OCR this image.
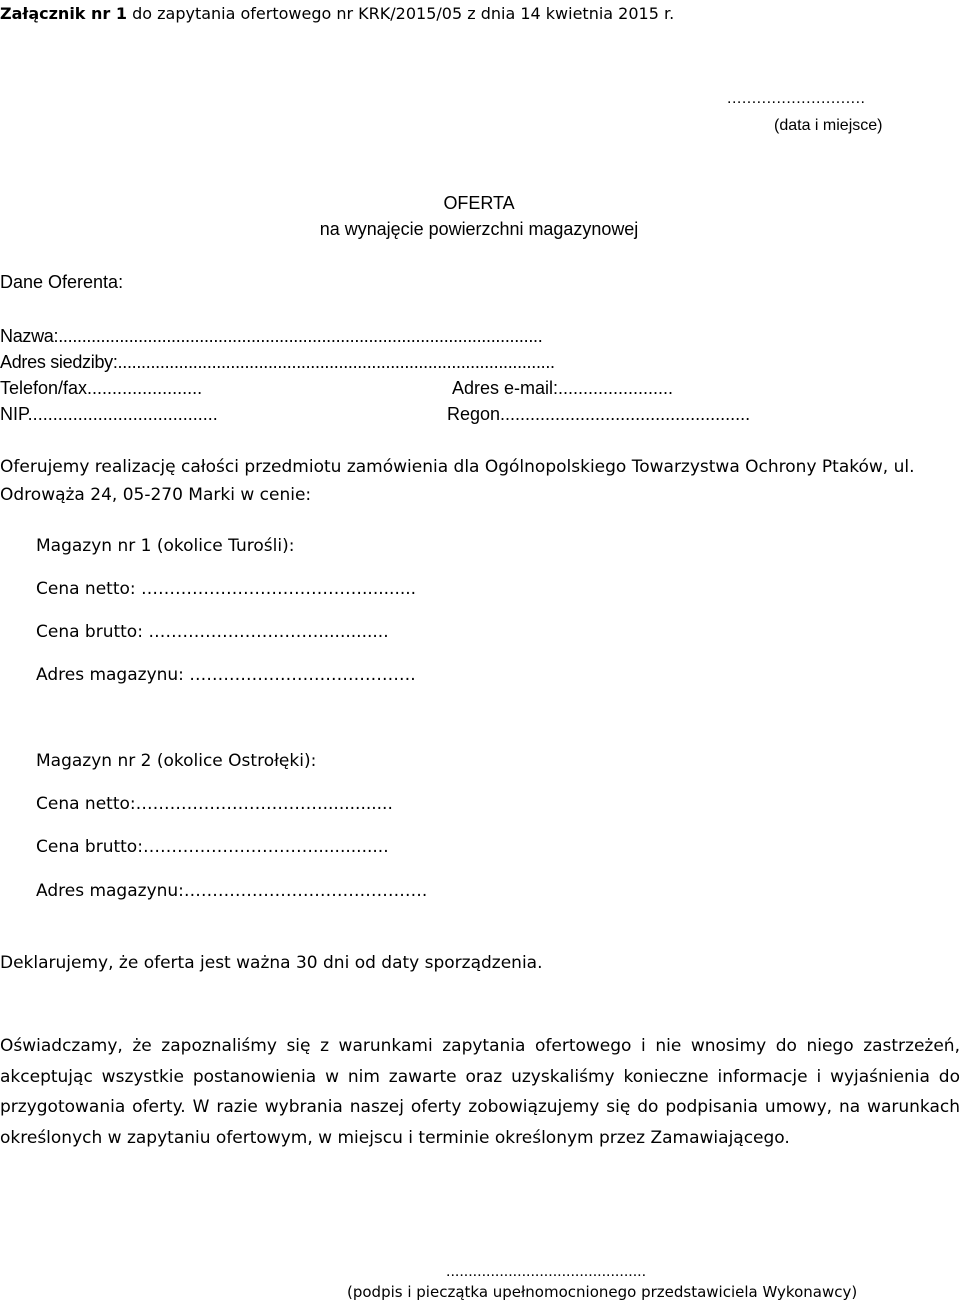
Załącznik nr 1 do zapytania ofertowego nr KRK/2015/05 z dnia 14 kwietnia 2015 r.
............................
(data i miejsce)
OFERTA
na wynajęcie powierzchni magazynowej
Dane Oferenta:
Nazwa:.......................................................................................................
Adres siedziby:.............................................................................................
Telefon/fax.......................	Adres e-mail:.......................
NIP......................................	Regon..................................................
Oferujemy realizację całości przedmiotu zamówienia dla Ogólnopolskiego Towarzystwa Ochrony Ptaków, ul.
Odrowąża 24, 05-270 Marki w cenie:
Magazyn nr 1 (okolice Turośli):
Cena netto: …………………………………..........
Cena brutto: ………………………….............
Adres magazynu: ………………………………….
Magazyn nr 2 (okolice Ostrołęki):
Cena netto:…………………………….............
Cena brutto:…………………………..............
Adres magazynu:…………………………………….
Deklarujemy, że oferta jest ważna 30 dni od daty sporządzenia.
Oświadczamy, że zapoznaliśmy się z warunkami zapytania ofertowego i nie wnosimy do niego zastrzeżeń, akceptując wszystkie postanowienia w nim zawarte oraz uzyskaliśmy konieczne informacje i wyjaśnienia do przygotowania oferty. W razie wybrania naszej oferty zobowiązujemy się do podpisania umowy, na warunkach określonych w zapytaniu ofertowym, w miejscu i terminie określonym przez Zamawiającego.
.............................................
(podpis i pieczątka upełnomocnionego przedstawiciela Wykonawcy)
